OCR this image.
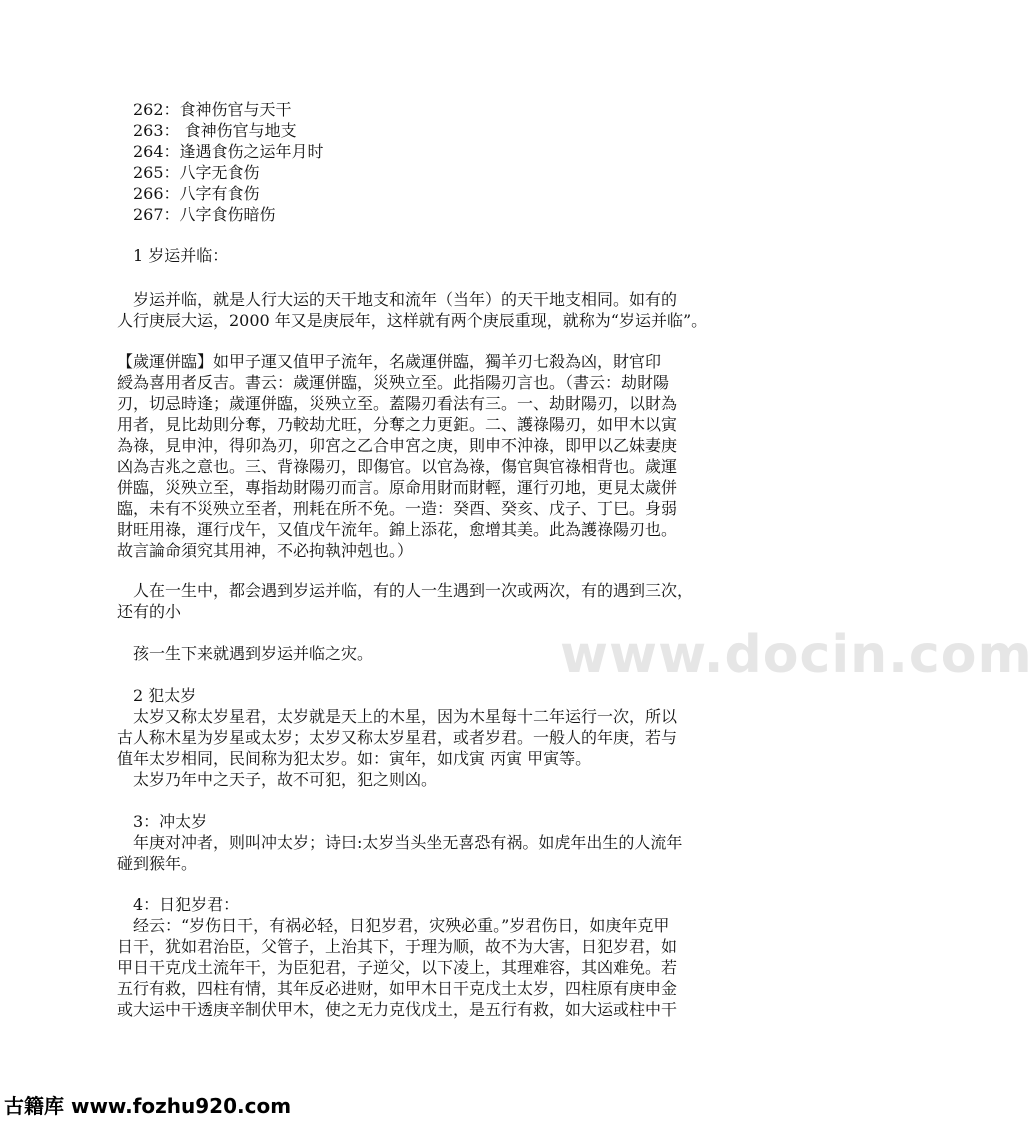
www.docin.com
262：食神伤官与天干
263： 食神伤官与地支
264：逢遇食伤之运年月时
265：八字无食伤
266：八字有食伤
267：八字食伤暗伤
1 岁运并临：
岁运并临，就是人行大运的天干地支和流年（当年）的天干地支相同。如有的
人行庚辰大运，2000 年又是庚辰年，这样就有两个庚辰重现，就称为“岁运并临”。
【歲運併臨】如甲子運又值甲子流年，名歲運併臨，獨羊刃七殺為凶，財官印
綬為喜用者反吉。書云：歲運併臨，災殃立至。此指陽刃言也。（書云：劫財陽
刃，切忌時逢；歲運併臨，災殃立至。蓋陽刃看法有三。一、劫財陽刃，以財為
用者，見比劫則分奪，乃較劫尤旺，分奪之力更鉅。二、護祿陽刃，如甲木以寅
為祿，見申沖，得卯為刃，卯宮之乙合申宮之庚，則申不沖祿，即甲以乙妹妻庚
凶為吉兆之意也。三、背祿陽刃，即傷官。以官為祿，傷官與官祿相背也。歲運
併臨，災殃立至，專指劫財陽刃而言。原命用財而財輕，運行刃地，更見太歲併
臨，未有不災殃立至者，刑耗在所不免。一造：癸酉、癸亥、戊子、丁巳。身弱
財旺用祿，運行戊午，又值戊午流年。錦上添花，愈增其美。此為護祿陽刃也。
故言論命須究其用神，不必拘執沖剋也。）
人在一生中，都会遇到岁运并临，有的人一生遇到一次或两次，有的遇到三次，
还有的小
孩一生下来就遇到岁运并临之灾。
2 犯太岁
太岁又称太岁星君，太岁就是天上的木星，因为木星每十二年运行一次，所以
古人称木星为岁星或太岁；太岁又称太岁星君，或者岁君。一般人的年庚，若与
值年太岁相同，民间称为犯太岁。如：寅年，如戊寅 丙寅 甲寅等。
太岁乃年中之天子，故不可犯，犯之则凶。
3：冲太岁
年庚对冲者，则叫冲太岁；诗曰:太岁当头坐无喜恐有祸。如虎年出生的人流年
碰到猴年。
4：日犯岁君：
经云：“岁伤日干，有祸必轻，日犯岁君，灾殃必重。”岁君伤日，如庚年克甲
日干，犹如君治臣，父管子，上治其下，于理为顺，故不为大害，日犯岁君，如
甲日干克戊土流年干，为臣犯君，子逆父，以下凌上，其理难容，其凶难免。若
五行有救，四柱有情，其年反必进财，如甲木日干克戊土太岁，四柱原有庚申金
或大运中干透庚辛制伏甲木，使之无力克伐戊土，是五行有救，如大运或柱中干
古籍库 www.fozhu920.com
